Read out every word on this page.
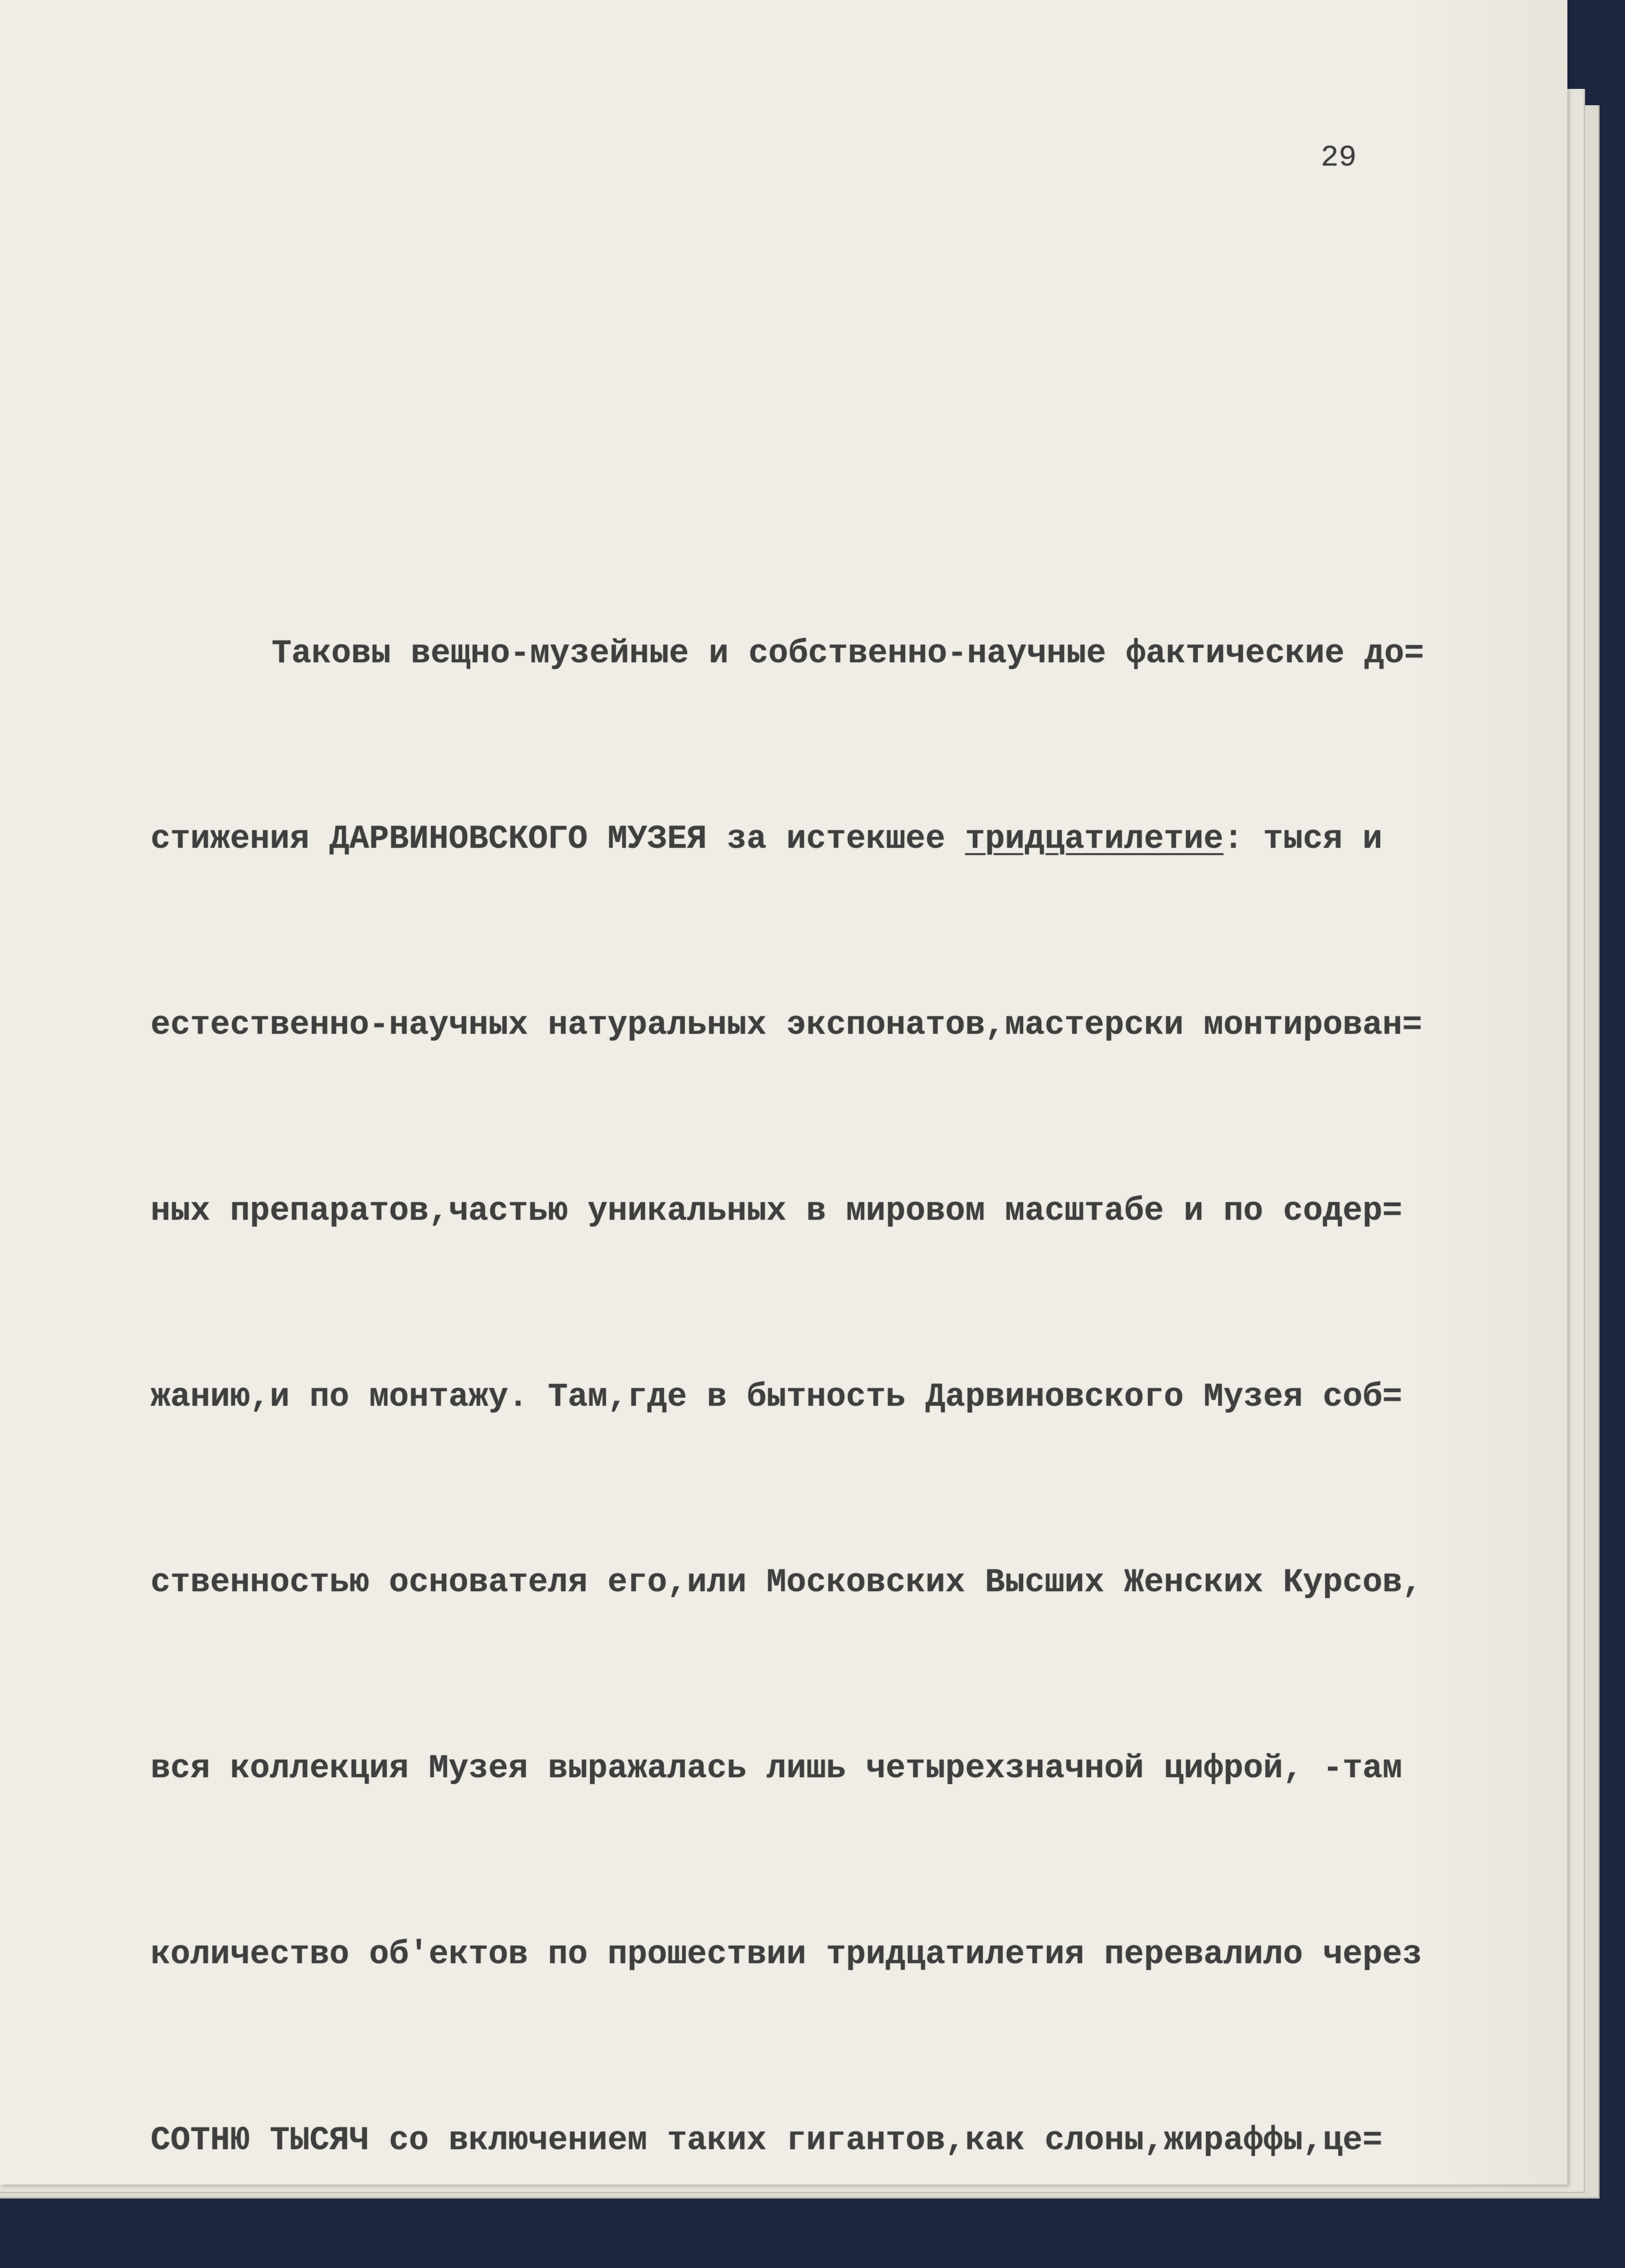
29

Таковы вещно-музейные и собственно-научные фактические до=

стижения ДАРВИНОВСКОГО МУЗЕЯ за истекшее тридцатилетие: тыся и

естественно-научных натуральных экспонатов,мастерски монтирован=

ных препаратов,частью уникальных в мировом масштабе и по содер=

жанию,и по монтажу. Там,где в бытность Дарвиновского Музея соб=

ственностью основателя его,или Московских Высших Женских Курсов,

вся коллекция Музея выражалась лишь четырехзначной цифрой, -там

количество об'ектов по прошествии тридцатилетия перевалило через

СОТНЮ ТЫСЯЧ со включением таких гигантов,как слоны,жираффы,це=
